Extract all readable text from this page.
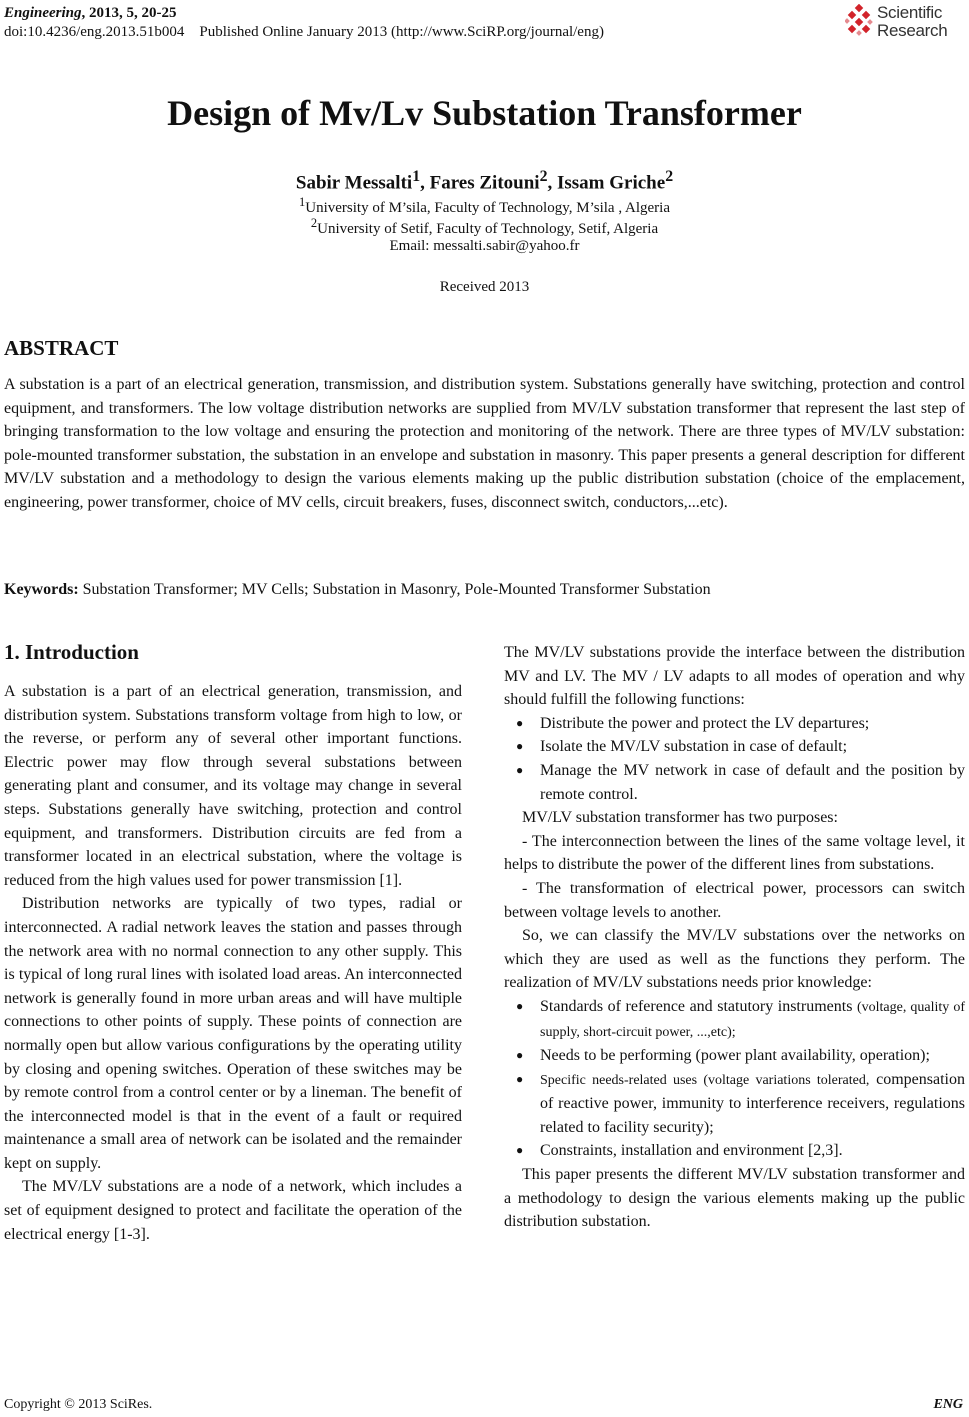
Engineering, 2013, 5, 20-25
doi:10.4236/eng.2013.51b004    Published Online January 2013 (http://www.SciRP.org/journal/eng)
Scientific
Research
Design of Mv/Lv Substation Transformer
Sabir Messalti$^1$, Fares Zitouni$^2$, Issam Griche$^2$
$^1$University of M’sila, Faculty of Technology, M’sila , Algeria
$^2$University of Setif, Faculty of Technology, Setif, Algeria
Email: messalti.sabir@yahoo.fr
Received 2013
ABSTRACT
A substation is a part of an electrical generation, transmission, and distribution system. Substations generally have switching, protection and control equipment, and transformers. The low voltage distribution networks are supplied from MV/LV substation transformer that represent the last step of bringing transformation to the low voltage and ensuring the protection and monitoring of the network. There are three types of MV/LV substation: pole-mounted transformer substation, the substation in an envelope and substation in masonry. This paper presents a general description for different MV/LV substation and a methodology to design the various elements making up the public distribution substation (choice of the emplacement, engineering, power transformer, choice of MV cells, circuit breakers, fuses, disconnect switch, conductors,...etc).
Keywords: Substation Transformer; MV Cells; Substation in Masonry, Pole-Mounted Transformer Substation
1. Introduction

A substation is a part of an electrical generation, transmission, and distribution system. Substations transform voltage from high to low, or the reverse, or perform any of several other important functions. Electric power may flow through several substations between generating plant and consumer, and its voltage may change in several steps. Substations generally have switching, protection and control equipment, and transformers. Distribution circuits are fed from a transformer located in an electrical substation, where the voltage is reduced from the high values used for power transmission [1].

Distribution networks are typically of two types, radial or interconnected. A radial network leaves the station and passes through the network area with no normal connection to any other supply. This is typical of long rural lines with isolated load areas. An interconnected network is generally found in more urban areas and will have multiple connections to other points of supply. These points of connection are normally open but allow various configurations by the operating utility by closing and opening switches. Operation of these switches may be by remote control from a control center or by a lineman. The benefit of the interconnected model is that in the event of a fault or required maintenance a small area of network can be isolated and the remainder kept on supply.

The MV/LV substations are a node of a network, which includes a set of equipment designed to protect and facilitate the operation of the electrical energy [1-3].

The MV/LV substations provide the interface between the distribution MV and LV. The MV / LV adapts to all modes of operation and why should fulfill the following functions:

● Distribute the power and protect the LV departures;
● Isolate the MV/LV substation in case of default;
● Manage the MV network in case of default and the position by remote control.

MV/LV substation transformer has two purposes:

- The interconnection between the lines of the same voltage level, it helps to distribute the power of the different lines from substations.

- The transformation of electrical power, processors can switch between voltage levels to another.

So, we can classify the MV/LV substations over the networks on which they are used as well as the functions they perform. The realization of MV/LV substations needs prior knowledge:

● Standards of reference and statutory instruments (voltage, quality of supply, short-circuit power, ...,etc);
● Needs to be performing (power plant availability, operation);
● Specific needs-related uses (voltage variations tolerated, compensation of reactive power, immunity to interference receivers, regulations related to facility security);
● Constraints, installation and environment [2,3].

This paper presents the different MV/LV substation transformer and a methodology to design the various elements making up the public distribution substation.

Copyright © 2013 SciRes.	ENG
